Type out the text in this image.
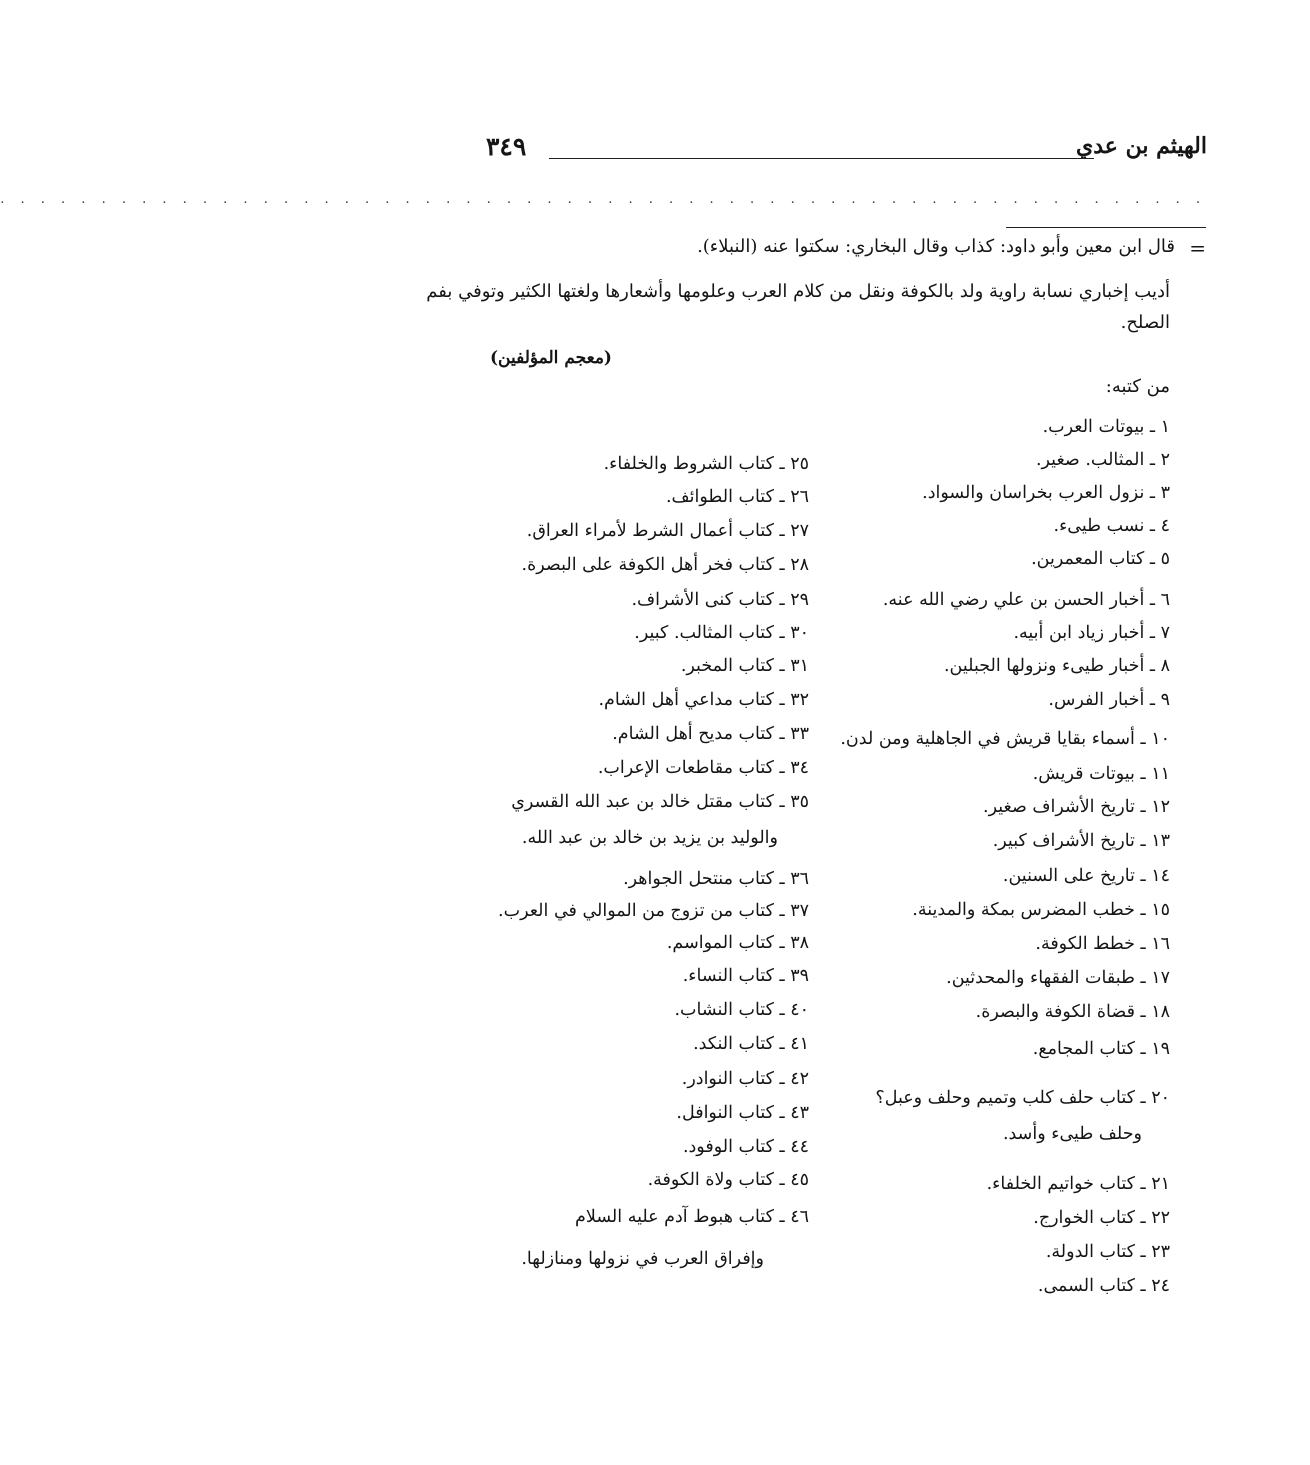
الهيثم بن عدي
٣٤٩
. . . . . . . . . . . . . . . . . . . . . . . . . . . . . . . . . . . . . . . . . . . . . . . . . . . . . . . . . . . .
=
قال ابن معين وأبو داود: كذاب وقال البخاري: سكتوا عنه (النبلاء).
أديب إخباري نسابة راوية ولد بالكوفة ونقل من كلام العرب وعلومها وأشعارها ولغتها الكثير وتوفي بفم
الصلح.
(معجم المؤلفين)
من كتبه:
١ ـ بيوتات العرب.
٢ ـ المثالب. صغير.
٣ ـ نزول العرب بخراسان والسواد.
٤ ـ نسب طيىء.
٥ ـ كتاب المعمرين.
٦ ـ أخبار الحسن بن علي رضي الله عنه.
٧ ـ أخبار زياد ابن أبيه.
٨ ـ أخبار طيىء ونزولها الجبلين.
٩ ـ أخبار الفرس.
١٠ ـ أسماء بقايا قريش في الجاهلية ومن لدن.
١١ ـ بيوتات قريش.
١٢ ـ تاريخ الأشراف صغير.
١٣ ـ تاريخ الأشراف كبير.
١٤ ـ تاريخ على السنين.
١٥ ـ خطب المضرس بمكة والمدينة.
١٦ ـ خطط الكوفة.
١٧ ـ طبقات الفقهاء والمحدثين.
١٨ ـ قضاة الكوفة والبصرة.
١٩ ـ كتاب المجامع.
٢٠ ـ كتاب حلف كلب وتميم وحلف وعبل؟
وحلف طيىء وأسد.
٢١ ـ كتاب خواتيم الخلفاء.
٢٢ ـ كتاب الخوارج.
٢٣ ـ كتاب الدولة.
٢٤ ـ كتاب السمى.
٢٥ ـ كتاب الشروط والخلفاء.
٢٦ ـ كتاب الطوائف.
٢٧ ـ كتاب أعمال الشرط لأمراء العراق.
٢٨ ـ كتاب فخر أهل الكوفة على البصرة.
٢٩ ـ كتاب كنى الأشراف.
٣٠ ـ كتاب المثالب. كبير.
٣١ ـ كتاب المخبر.
٣٢ ـ كتاب مداعي أهل الشام.
٣٣ ـ كتاب مديح أهل الشام.
٣٤ ـ كتاب مقاطعات الإعراب.
٣٥ ـ كتاب مقتل خالد بن عبد الله القسري
والوليد بن يزيد بن خالد بن عبد الله.
٣٦ ـ كتاب منتحل الجواهر.
٣٧ ـ كتاب من تزوج من الموالي في العرب.
٣٨ ـ كتاب المواسم.
٣٩ ـ كتاب النساء.
٤٠ ـ كتاب النشاب.
٤١ ـ كتاب النكد.
٤٢ ـ كتاب النوادر.
٤٣ ـ كتاب النوافل.
٤٤ ـ كتاب الوفود.
٤٥ ـ كتاب ولاة الكوفة.
٤٦ ـ كتاب هبوط آدم عليه السلام
وإفراق العرب في نزولها ومنازلها.
